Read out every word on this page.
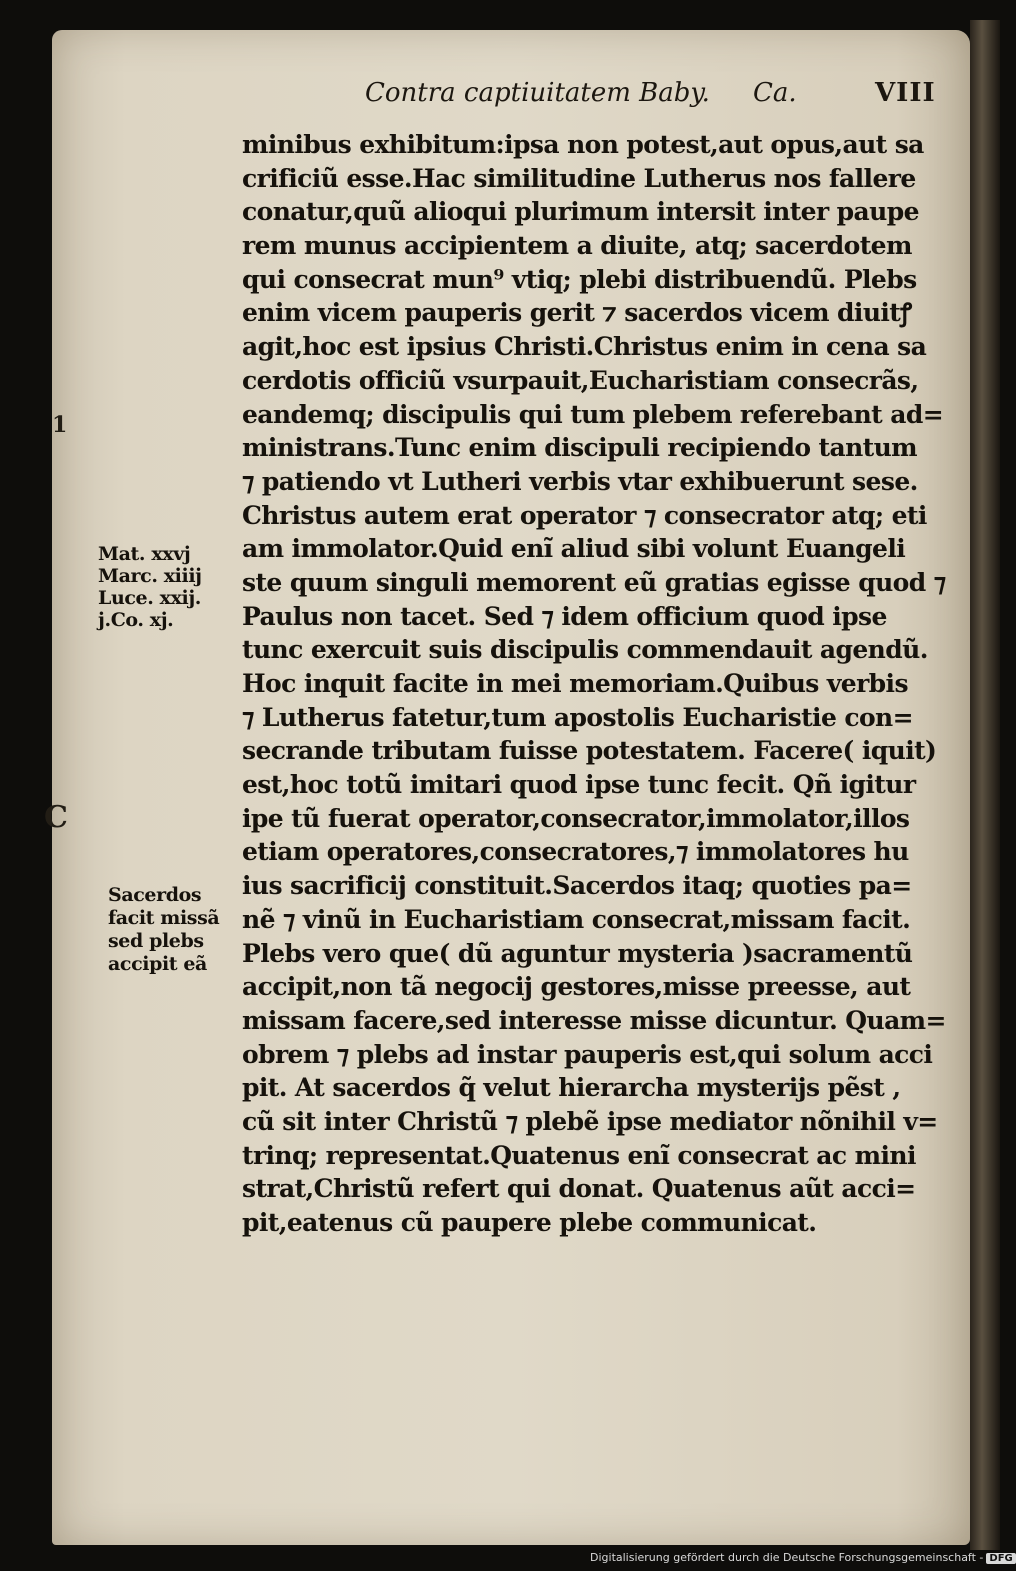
Contra captiuitatem Baby. Ca.	VIII
minibus exhibitum:ipsa non potest,aut opus,aut sa
crificiũ esse.Hac similitudine Lutherus nos fallere
conatur,quũ alioqui plurimum intersit inter paupe
rem munus accipientem a diuite, atq; sacerdotem
qui consecrat mun⁹ vtiq; plebi distribuendũ. Plebs
enim vicem pauperis gerit ⁊ sacerdos vicem diuitꝭ
agit,hoc est ipsius Christi.Christus enim in cena sa
cerdotis officiũ vsurpauit,Eucharistiam consecrãs,
eandemq; discipulis qui tum plebem referebant ad=
ministrans.Tunc enim discipuli recipiendo tantum
⁊ patiendo vt Lutheri verbis vtar exhibuerunt sese.
Christus autem erat operator ⁊ consecrator atq; eti
am immolator.Quid enĩ aliud sibi volunt Euangeli
ste quum singuli memorent eũ gratias egisse quod ⁊
Paulus non tacet. Sed ⁊ idem officium quod ipse
tunc exercuit suis discipulis commendauit agendũ.
Hoc inquit facite in mei memoriam.Quibus verbis
⁊ Lutherus fatetur,tum apostolis Eucharistie con=
secrande tributam fuisse potestatem. Facere( iquit)
est,hoc totũ imitari quod ipse tunc fecit. Qñ igitur
ipe tũ fuerat operator,consecrator,immolator,illos
etiam operatores,consecratores,⁊ immolatores hu
ius sacrificij constituit.Sacerdos itaq; quoties pa=
nẽ ⁊ vinũ in Eucharistiam consecrat,missam facit.
Plebs vero que( dũ aguntur mysteria )sacramentũ
accipit,non tã negocij gestores,misse preesse, aut
missam facere,sed interesse misse dicuntur. Quam=
obrem ⁊ plebs ad instar pauperis est,qui solum acci
pit. At sacerdos q̃ velut hierarcha mysterijs pẽst ,
cũ sit inter Christũ ⁊ plebẽ ipse mediator nõnihil v=
trinq; representat.Quatenus enĩ consecrat ac mini
strat,Christũ refert qui donat. Quatenus aũt acci=
pit,eatenus cũ paupere plebe communicat.
1
C
Mat. xxvj
Marc. xiiij
Luce. xxij.
j.Co. xj.
Sacerdos
facit missã
sed plebs
accipit eã
Digitalisierung gefördert durch die Deutsche Forschungsgemeinschaft - DFG
